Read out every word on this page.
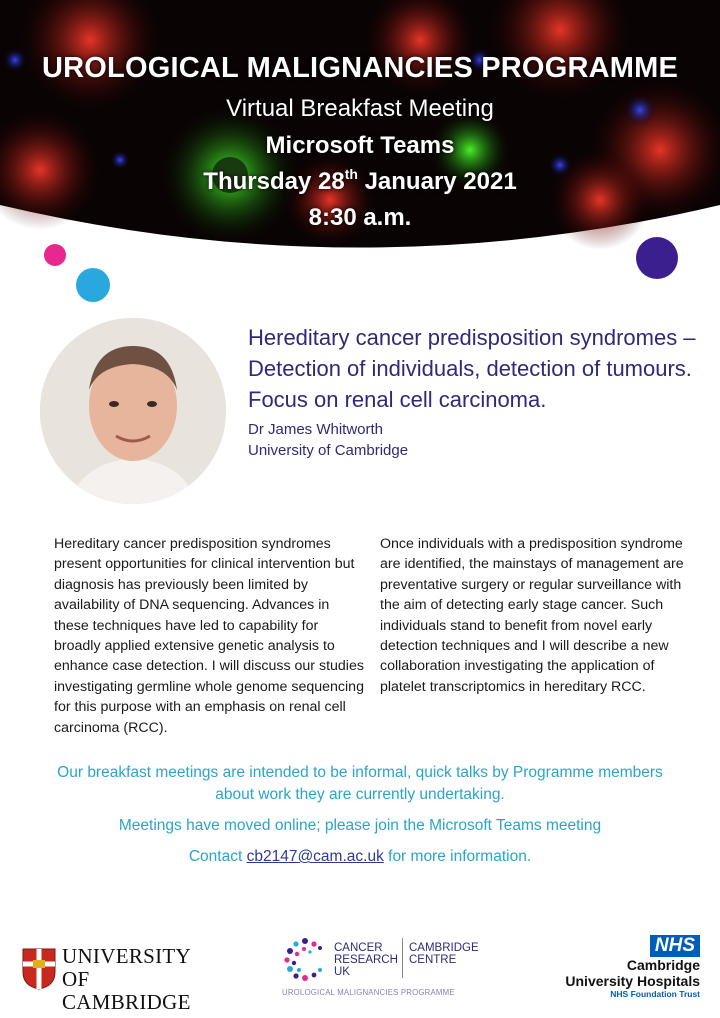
UROLOGICAL MALIGNANCIES PROGRAMME
Virtual Breakfast Meeting
Microsoft Teams
Thursday 28th January 2021
8:30 a.m.
Hereditary cancer predisposition syndromes – Detection of individuals, detection of tumours.
Focus on renal cell carcinoma.
Dr James Whitworth
University of Cambridge
Hereditary cancer predisposition syndromes present opportunities for clinical intervention but diagnosis has previously been limited by availability of DNA sequencing. Advances in these techniques have led to capability for broadly applied extensive genetic analysis to enhance case detection. I will discuss our studies investigating germline whole genome sequencing for this purpose with an emphasis on renal cell carcinoma (RCC).
Once individuals with a predisposition syndrome are identified, the mainstays of management are preventative surgery or regular surveillance with the aim of detecting early stage cancer. Such individuals stand to benefit from novel early detection techniques and I will describe a new collaboration investigating the application of platelet transcriptomics in hereditary RCC.
Our breakfast meetings are intended to be informal, quick talks by Programme members about work they are currently undertaking.
Meetings have moved online; please join the Microsoft Teams meeting
Contact cb2147@cam.ac.uk for more information.
UNIVERSITY OF
CAMBRIDGE
CANCER
RESEARCH
UK
CAMBRIDGE
CENTRE
UROLOGICAL MALIGNANCIES PROGRAMME
NHS
Cambridge
University Hospitals
NHS Foundation Trust
